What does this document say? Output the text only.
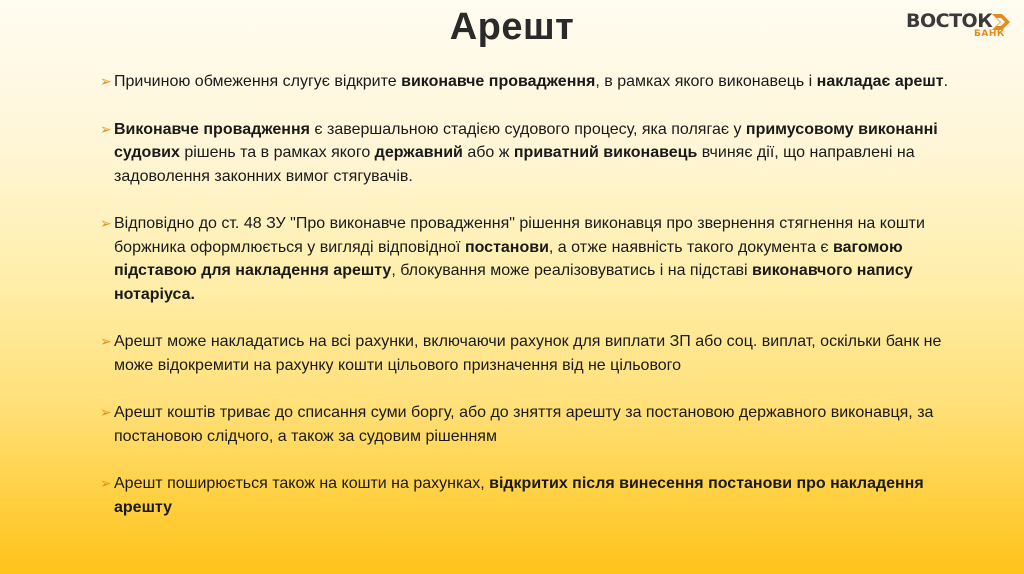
Арешт	ВОСТОК
БАНК
➢ Причиною обмеження слугує відкрите виконавче провадження, в рамках якого виконавець і накладає арешт.
➢ Виконавче провадження є завершальною стадією судового процесу, яка полягає у примусовому виконанні судових рішень та в рамках якого державний або ж приватний виконавець вчиняє дії, що направлені на задоволення законних вимог стягувачів.
➢ Відповідно до ст. 48 ЗУ "Про виконавче провадження" рішення виконавця про звернення стягнення на кошти боржника оформлюється у вигляді відповідної постанови, а отже наявність такого документа є вагомою підставою для накладення арешту, блокування може реалізовуватись і на підставі виконавчого напису нотаріуса.
➢ Арешт може накладатись на всі рахунки, включаючи рахунок для виплати ЗП або соц. виплат, оскільки банк не може відокремити на рахунку кошти цільового призначення від не цільового
➢ Арешт коштів триває до списання суми боргу, або до зняття арешту за постановою державного виконавця, за постановою слідчого, а також за судовим рішенням
➢ Арешт поширюється також на кошти на рахунках, відкритих після винесення постанови про накладення арешту
